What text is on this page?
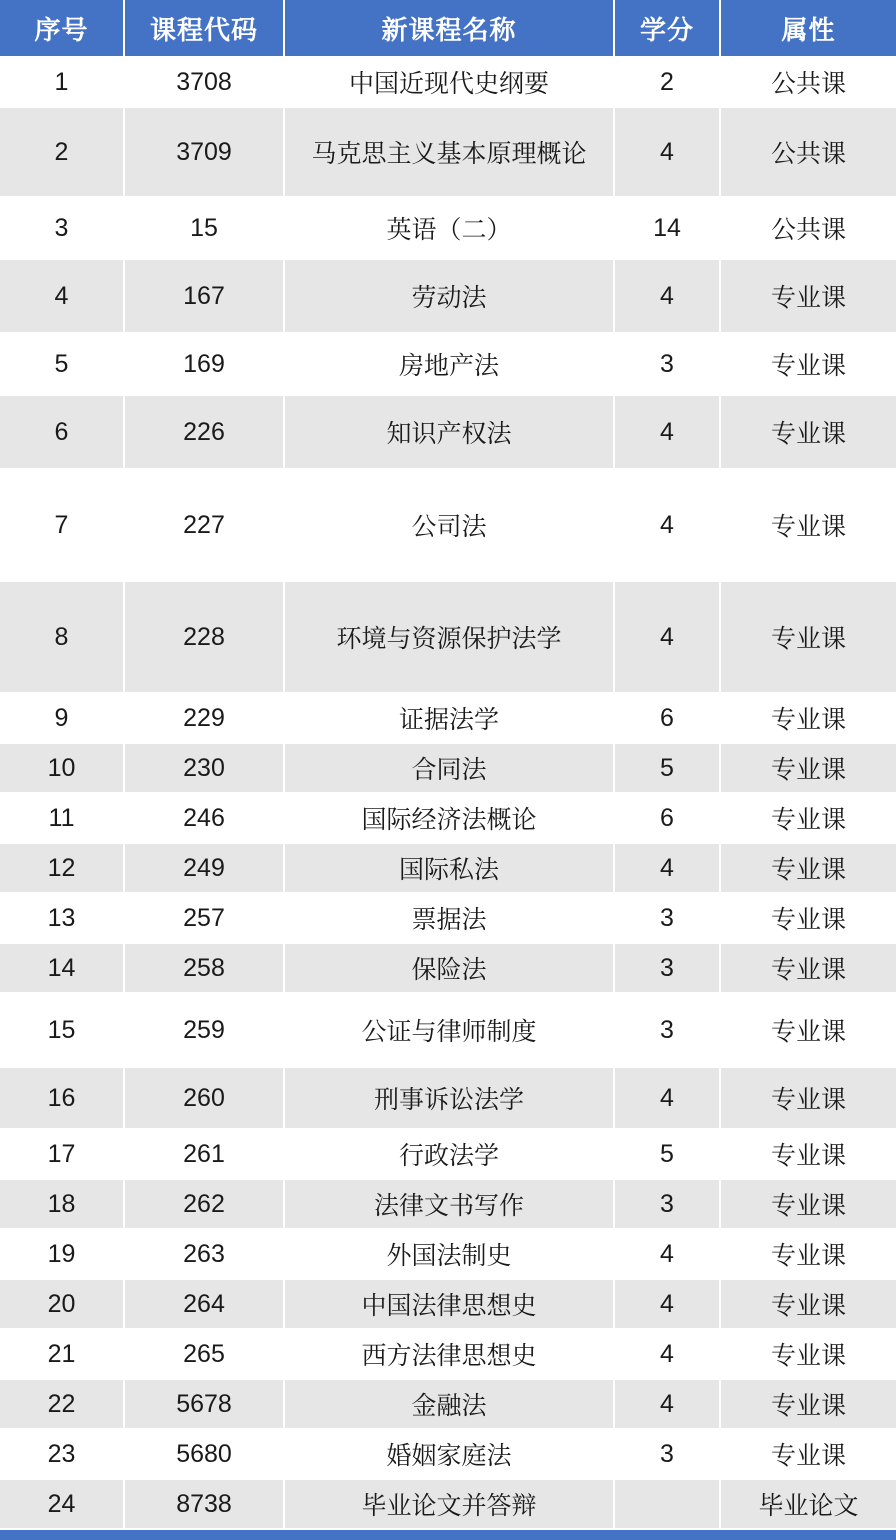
序号	课程代码	新课程名称	学分	属性
1	3708	中国近现代史纲要	2	公共课
2	3709	马克思主义基本原理概论	4	公共课
3	15	英语（二）	14	公共课
4	167	劳动法	4	专业课
5	169	房地产法	3	专业课
6	226	知识产权法	4	专业课
7	227	公司法	4	专业课
8	228	环境与资源保护法学	4	专业课
9	229	证据法学	6	专业课
10	230	合同法	5	专业课
11	246	国际经济法概论	6	专业课
12	249	国际私法	4	专业课
13	257	票据法	3	专业课
14	258	保险法	3	专业课
15	259	公证与律师制度	3	专业课
16	260	刑事诉讼法学	4	专业课
17	261	行政法学	5	专业课
18	262	法律文书写作	3	专业课
19	263	外国法制史	4	专业课
20	264	中国法律思想史	4	专业课
21	265	西方法律思想史	4	专业课
22	5678	金融法	4	专业课
23	5680	婚姻家庭法	3	专业课
24	8738	毕业论文并答辩		毕业论文
